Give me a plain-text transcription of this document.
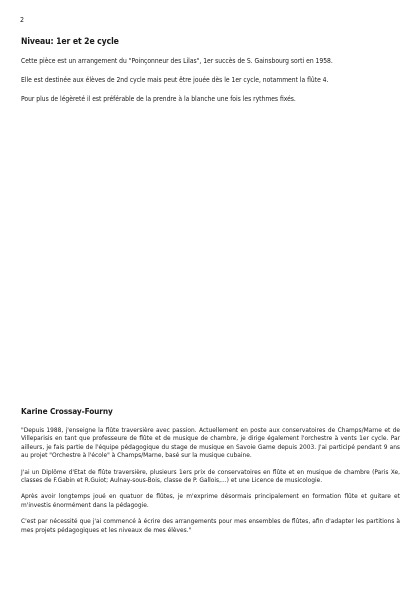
2
Niveau: 1er et 2e cycle

Cette pièce est un arrangement du "Poinçonneur des Lilas", 1er succès de S. Gainsbourg sorti en 1958.

Elle est destinée aux élèves de 2nd cycle mais peut être jouée dès le 1er cycle, notamment la flûte 4.

Pour plus de légèreté il est préférable de la prendre à la blanche une fois les rythmes fixés.

Karine Crossay-Fourny

"Depuis 1988, j'enseigne la flûte traversière avec passion. Actuellement en poste aux conservatoires de Champs/Marne et de Villeparisis en tant que professeure de flûte et de musique de chambre, je dirige également l'orchestre à vents 1er cycle. Par ailleurs, je fais partie de l'équipe pédagogique du stage de musique en Savoie Game depuis 2003. J'ai participé pendant 9 ans au projet "Orchestre à l'école" à Champs/Marne, basé sur la musique cubaine.

J'ai un Diplôme d'Etat de flûte traversière, plusieurs 1ers prix de conservatoires en flûte et en musique de chambre (Paris Xe, classes de F.Gabin et R.Guiot; Aulnay-sous-Bois, classe de P. Gallois,...) et une Licence de musicologie.

Après avoir longtemps joué en quatuor de flûtes, je m'exprime désormais principalement en formation flûte et guitare et m'investis énormément dans la pédagogie.

C'est par nécessité que j'ai commencé à écrire des arrangements pour mes ensembles de flûtes, afin d'adapter les partitions à mes projets pédagogiques et les niveaux de mes élèves."
